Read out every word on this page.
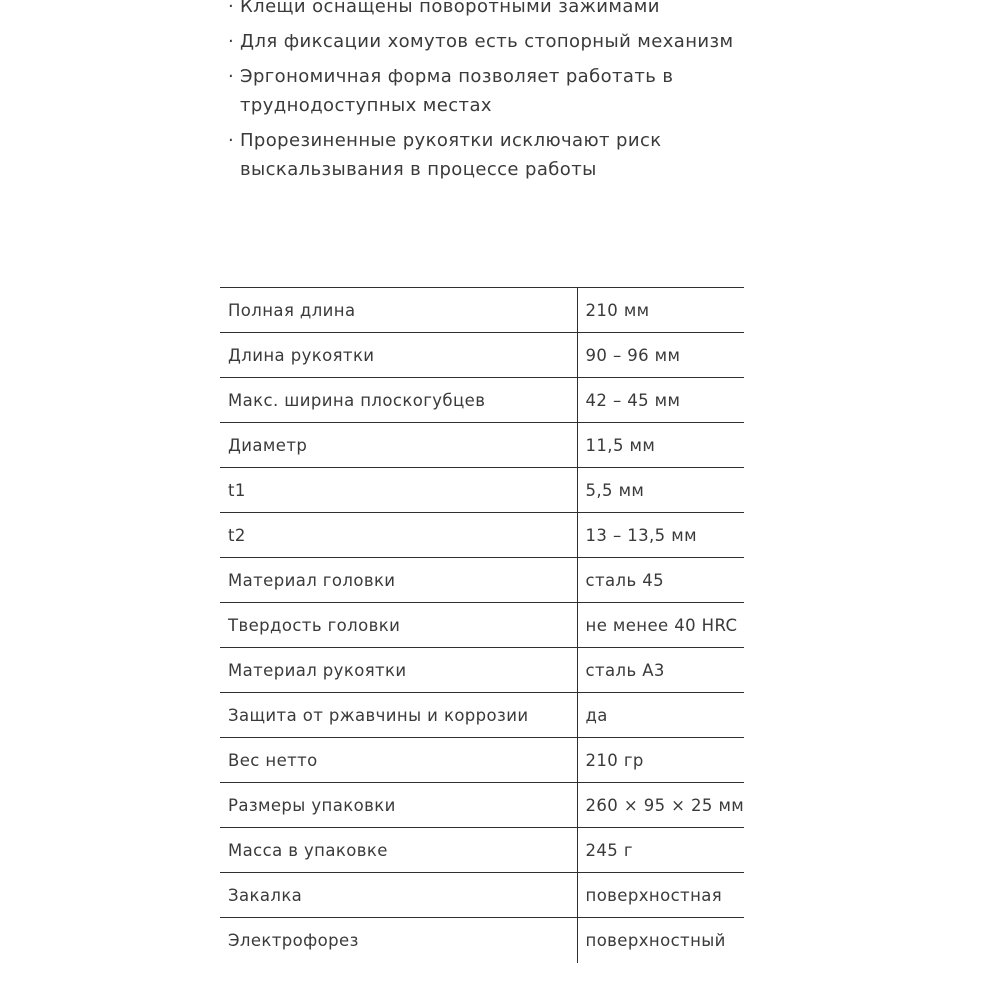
· Клещи оснащены поворотными зажимами
· Для фиксации хомутов есть стопорный механизм
· Эргономичная форма позволяет работать в труднодоступных местах
· Прорезиненные рукоятки исключают риск выскальзывания в процессе работы
Полная длина	210 мм
Длина рукоятки	90 – 96 мм
Макс. ширина плоскогубцев	42 – 45 мм
Диаметр	11,5 мм
t1	5,5 мм
t2	13 – 13,5 мм
Материал головки	сталь 45
Твердость головки	не менее 40 HRC
Материал рукоятки	сталь А3
Защита от ржавчины и коррозии	да
Вес нетто	210 гр
Размеры упаковки	260 × 95 × 25 мм
Масса в упаковке	245 г
Закалка	поверхностная
Электрофорез	поверхностный
